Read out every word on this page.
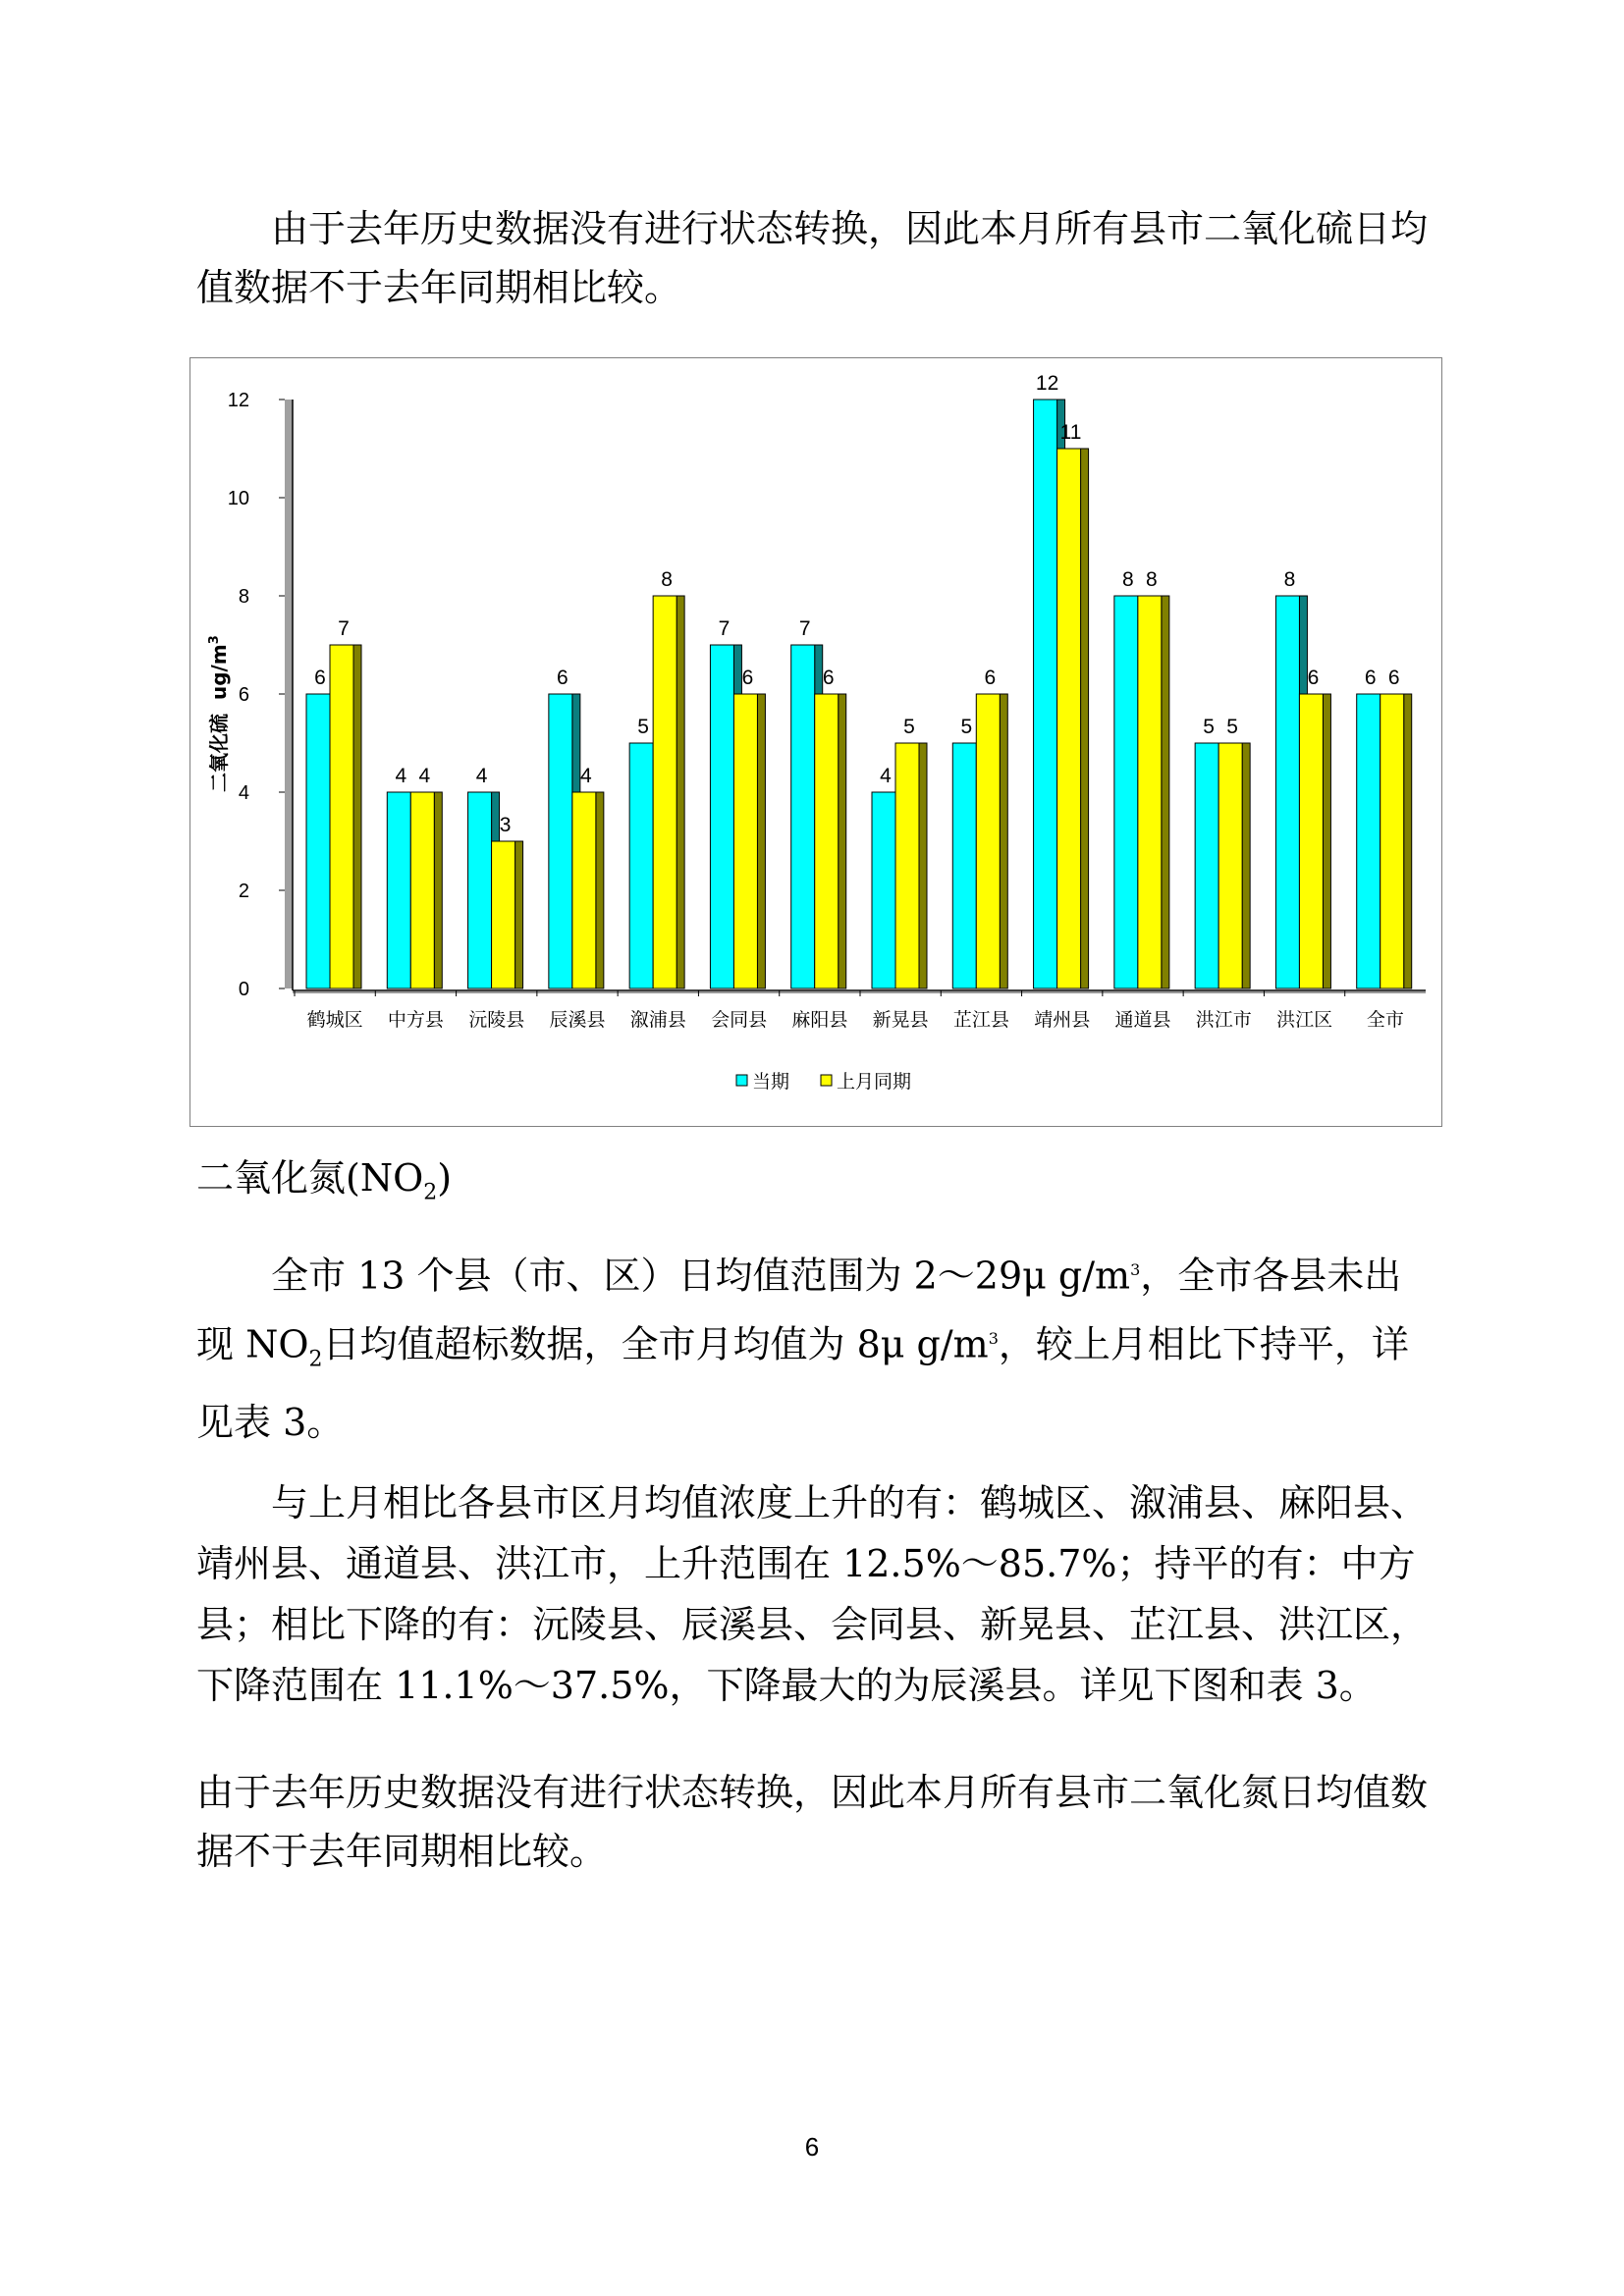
由于去年历史数据没有进行状态转换，因此本月所有县市二氧化硫日均值数据不于去年同期相比较。

0
2
4
6
8
10
12
二氧化硫$ug/m^3$
6
7
鹤城区
4 4
中方县
4
3
沅陵县
6
4
辰溪县
5
8
溆浦县
7
6
会同县
7
6
麻阳县
4
5
新晃县
5
6
芷江县
12
11
靖州县
8 8
通道县
5 5
洪江市
8
6
洪江区
6 6
全市
当期	上月同期

二氧化氮$(NO_2)$

全市 13 个县（市、区）日均值范围为 2～29μ $g/m^3$，全市各县未出现 $NO_2$日均值超标数据，全市月均值为 8μ $g/m^3$，较上月相比下持平，详见表 3。

与上月相比各县市区月均值浓度上升的有：鹤城区、溆浦县、麻阳县、靖州县、通道县、洪江市，上升范围在 12.5%～85.7%；持平的有：中方县；相比下降的有：沅陵县、辰溪县、会同县、新晃县、芷江县、洪江区，下降范围在 11.1%～37.5%，下降最大的为辰溪县。详见下图和表 3。

由于去年历史数据没有进行状态转换，因此本月所有县市二氧化氮日均值数据不于去年同期相比较。

6
